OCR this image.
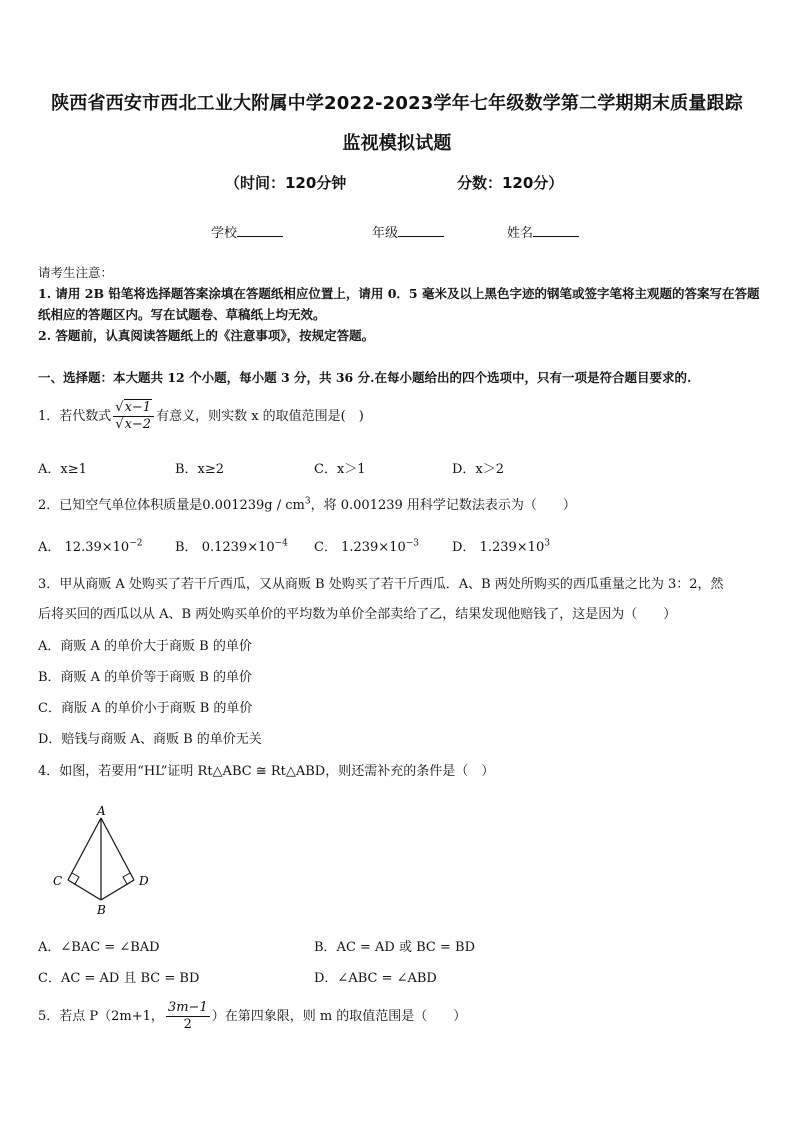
陕西省西安市西北工业大附属中学2022-2023学年七年级数学第二学期期末质量跟踪
监视模拟试题
（时间：120分钟	分数：120分）
学校	年级	姓名
请考生注意：
1. 请用 2B 铅笔将选择题答案涂填在答题纸相应位置上，请用 0．5 毫米及以上黑色字迹的钢笔或签字笔将主观题的答案写在答题纸相应的答题区内。写在试题卷、草稿纸上均无效。
2. 答题前，认真阅读答题纸上的《注意事项》，按规定答题。
一、选择题：本大题共 12 个小题，每小题 3 分，共 36 分.在每小题给出的四个选项中，只有一项是符合题目要求的.
1．若代数式 $\frac{√x-1}{√x-2}$ 有意义，则实数 x 的取值范围是(　)
A．x≥1	B．x≥2	C．x＞1	D．x＞2
2．已知空气单位体积质量是$0.001239g / cm^3$，将 0.001239 用科学记数法表示为（　　）
A． $12.39\times 10^{-2}$	B． $0.1239\times 10^{-4}$ C． $1.239\times 10^{-3}$	D． $1.239\times 10^3$
3．甲从商贩 A 处购买了若干斤西瓜，又从商贩 B 处购买了若干斤西瓜．A、B 两处所购买的西瓜重量之比为 3：2，然
后将买回的西瓜以从 A、B 两处购买单价的平均数为单价全部卖给了乙，结果发现他赔钱了，这是因为（　　）
A．商贩 A 的单价大于商贩 B 的单价
B．商贩 A 的单价等于商贩 B 的单价
C．商版 A 的单价小于商贩 B 的单价
D．赔钱与商贩 A、商贩 B 的单价无关
4．如图，若要用“HL”证明 Rt△ABC ≅ Rt△ABD，则还需补充的条件是（　）
A
C	D
B
A．∠BAC = ∠BAD	B．AC = AD 或 BC = BD
C．AC = AD 且 BC = BD	D．∠ABC = ∠ABD
5．若点 P（2m+1， $\frac{3m-1}{2}$ ）在第四象限，则 m 的取值范围是（　　）
